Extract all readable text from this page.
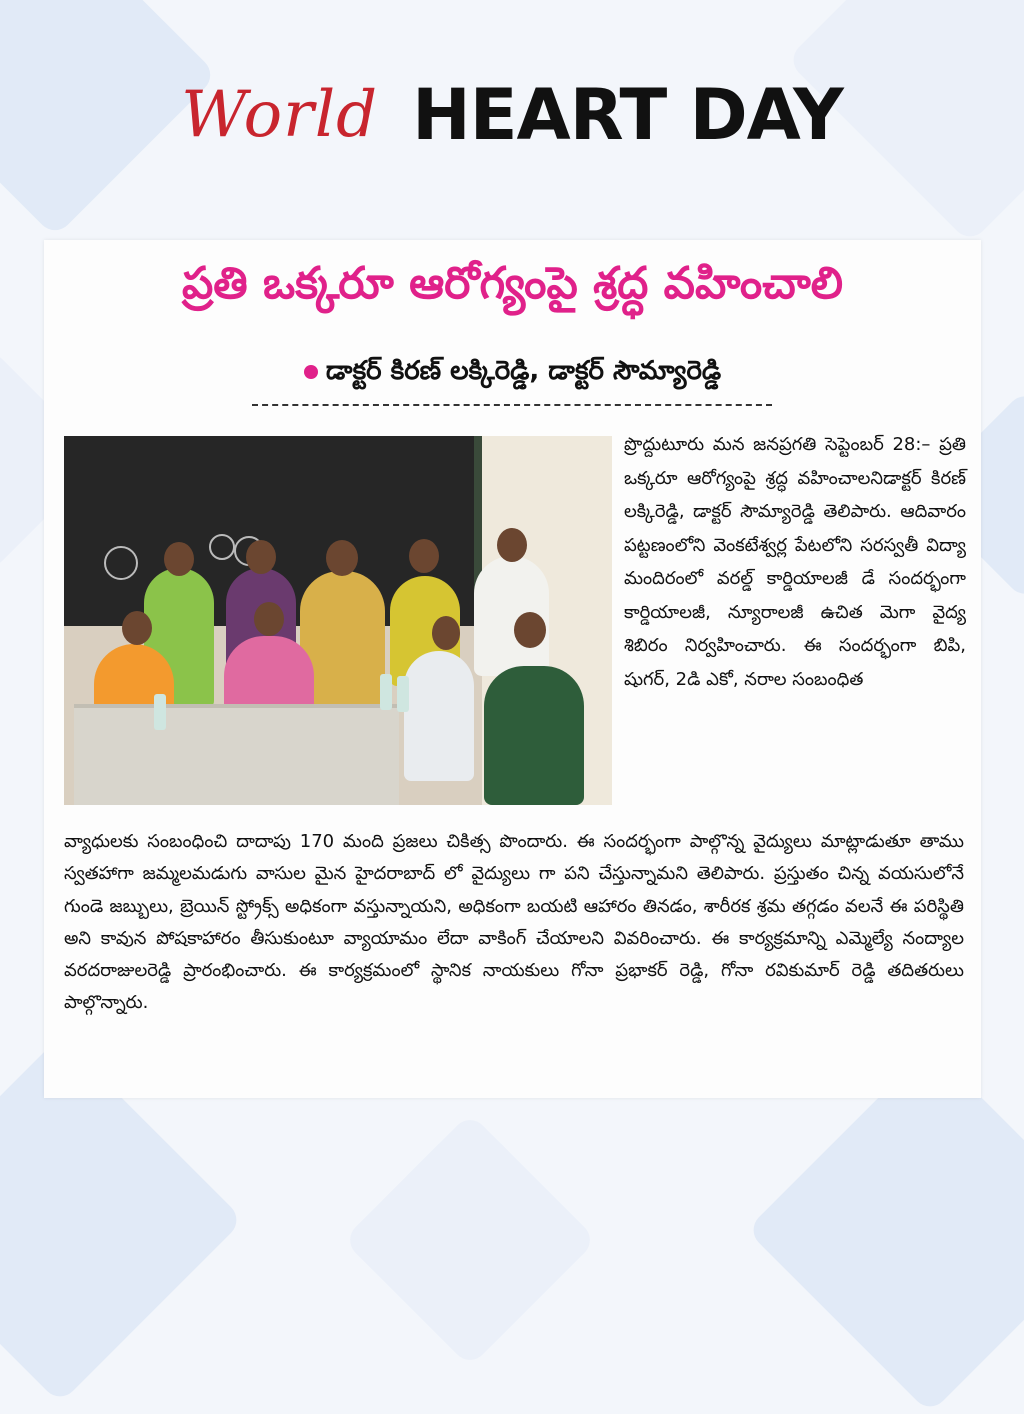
World HEART DAY
ప్రతి ఒక్కరూ ఆరోగ్యంపై శ్రద్ధ వహించాలి
డాక్టర్ కిరణ్ లక్కిరెడ్డి, డాక్టర్ సౌమ్యారెడ్డి
ప్రొద్దుటూరు మన జనప్రగతి సెప్టెంబర్ 28:– ప్రతి ఒక్కరూ ఆరోగ్యంపై శ్రద్ధ వహించాలనిడాక్టర్ కిరణ్ లక్కిరెడ్డి, డాక్టర్ సౌమ్యారెడ్డి తెలిపారు. ఆదివారం పట్టణంలోని వెంకటేశ్వర్ల పేటలోని సరస్వతీ విద్యా మందిరంలో వరల్డ్ కార్డియాలజీ డే సందర్భంగా కార్డియాలజీ, న్యూరాలజీ ఉచిత మెగా వైద్య శిబిరం నిర్వహించారు. ఈ సందర్భంగా బిపి, షుగర్, 2డి ఎకో, నరాల సంబంధిత
వ్యాధులకు సంబంధించి దాదాపు 170 మంది ప్రజలు చికిత్స పొందారు. ఈ సందర్భంగా పాల్గొన్న వైద్యులు మాట్లాడుతూ తాము స్వతహాగా జమ్మలమడుగు వాసుల మైన హైదరాబాద్ లో వైద్యులు గా పని చేస్తున్నామని తెలిపారు. ప్రస్తుతం చిన్న వయసులోనే గుండె జబ్బులు, బ్రెయిన్ స్ట్రోక్స్ అధికంగా వస్తున్నాయని, అధికంగా బయటి ఆహారం తినడం, శారీరక శ్రమ తగ్గడం వలనే ఈ పరిస్థితి అని కావున పోషకాహారం తీసుకుంటూ వ్యాయామం లేదా వాకింగ్ చేయాలని వివరించారు. ఈ కార్యక్రమాన్ని ఎమ్మెల్యే నంద్యాల వరదరాజులరెడ్డి ప్రారంభించారు. ఈ కార్యక్రమంలో స్థానిక నాయకులు గోనా ప్రభాకర్ రెడ్డి, గోనా రవికుమార్ రెడ్డి తదితరులు పాల్గొన్నారు.
